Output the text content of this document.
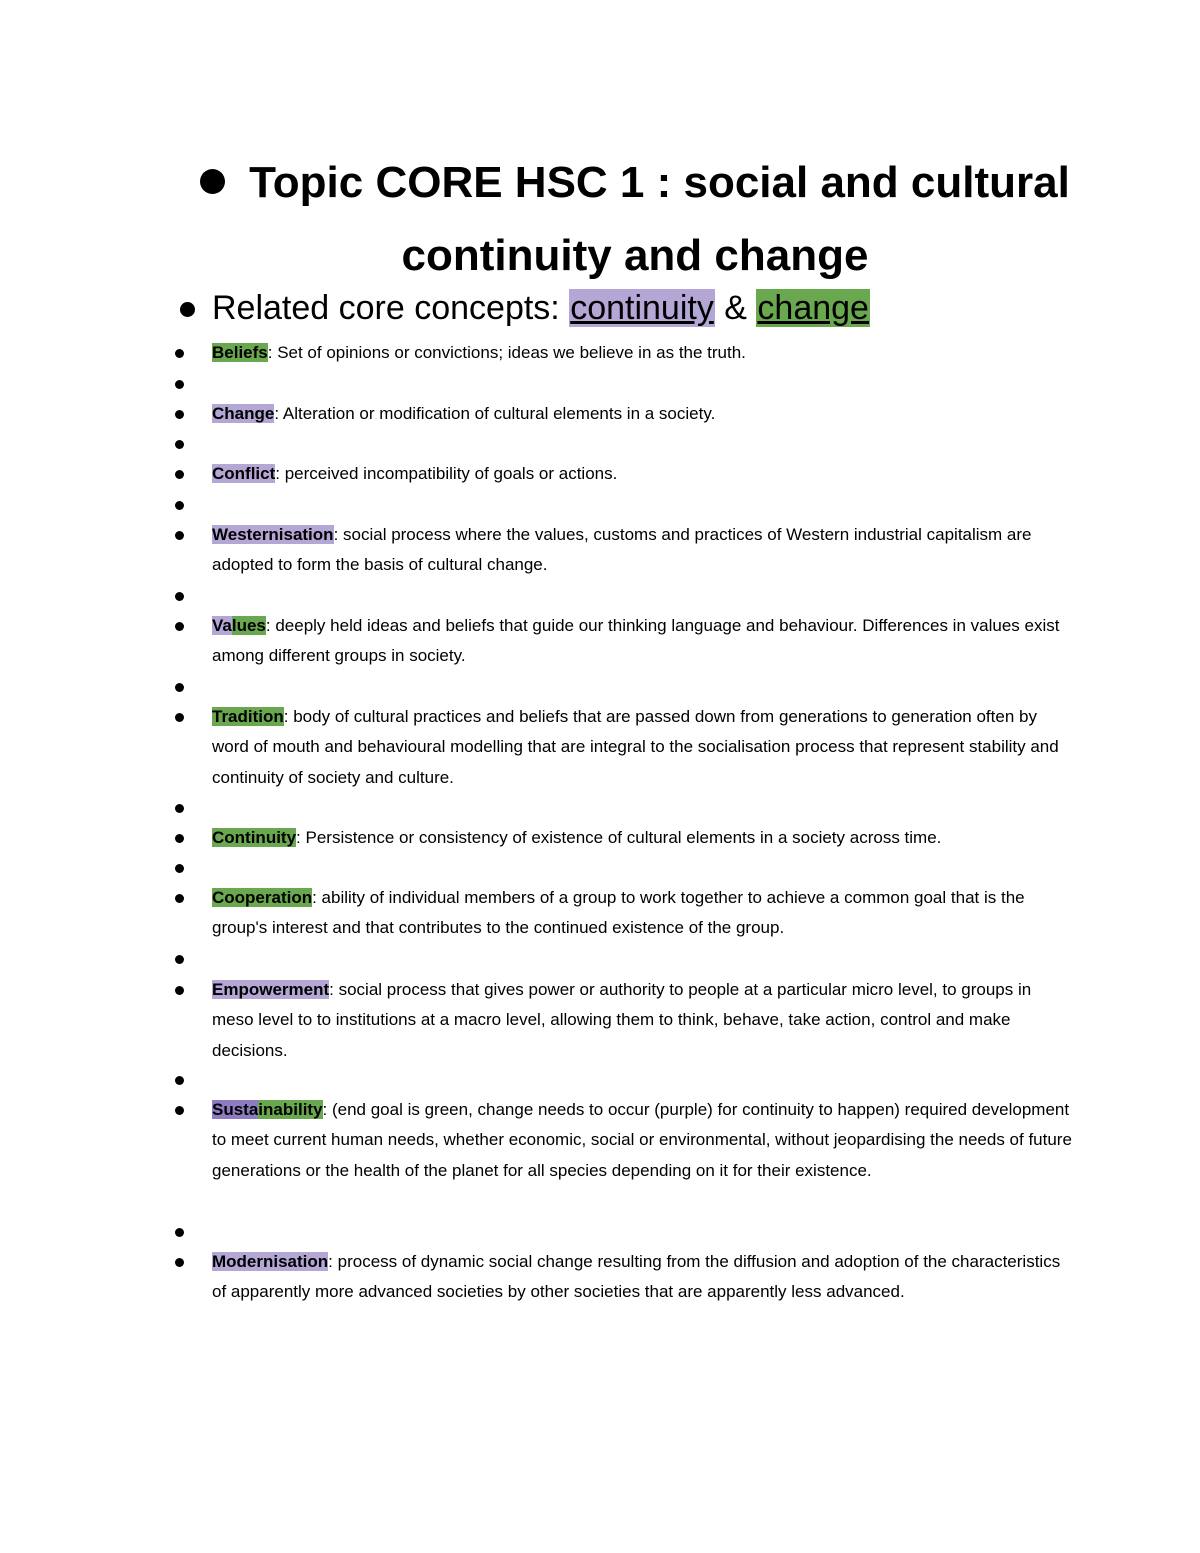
Topic CORE HSC 1 : social and cultural
continuity and change
Related core concepts: continuity & change
Beliefs: Set of opinions or convictions; ideas we believe in as the truth.
Change: Alteration or modification of cultural elements in a society.
Conflict: perceived incompatibility of goals or actions.
Westernisation: social process where the values, customs and practices of Western industrial capitalism are adopted to form the basis of cultural change.
Values: deeply held ideas and beliefs that guide our thinking language and behaviour. Differences in values exist among different groups in society.
Tradition: body of cultural practices and beliefs that are passed down from generations to generation often by word of mouth and behavioural modelling that are integral to the socialisation process that represent stability and continuity of society and culture.
Continuity: Persistence or consistency of existence of cultural elements in a society across time.
Cooperation: ability of individual members of a group to work together to achieve a common goal that is the group's interest and that contributes to the continued existence of the group.
Empowerment: social process that gives power or authority to people at a particular micro level, to groups in meso level to to institutions at a macro level, allowing them to think, behave, take action, control and make decisions.
Sustainability: (end goal is green, change needs to occur (purple) for continuity to happen) required development to meet current human needs, whether economic, social or environmental, without jeopardising the needs of future generations or the health of the planet for all species depending on it for their existence.
Modernisation: process of dynamic social change resulting from the diffusion and adoption of the characteristics of apparently more advanced societies by other societies that are apparently less advanced.
